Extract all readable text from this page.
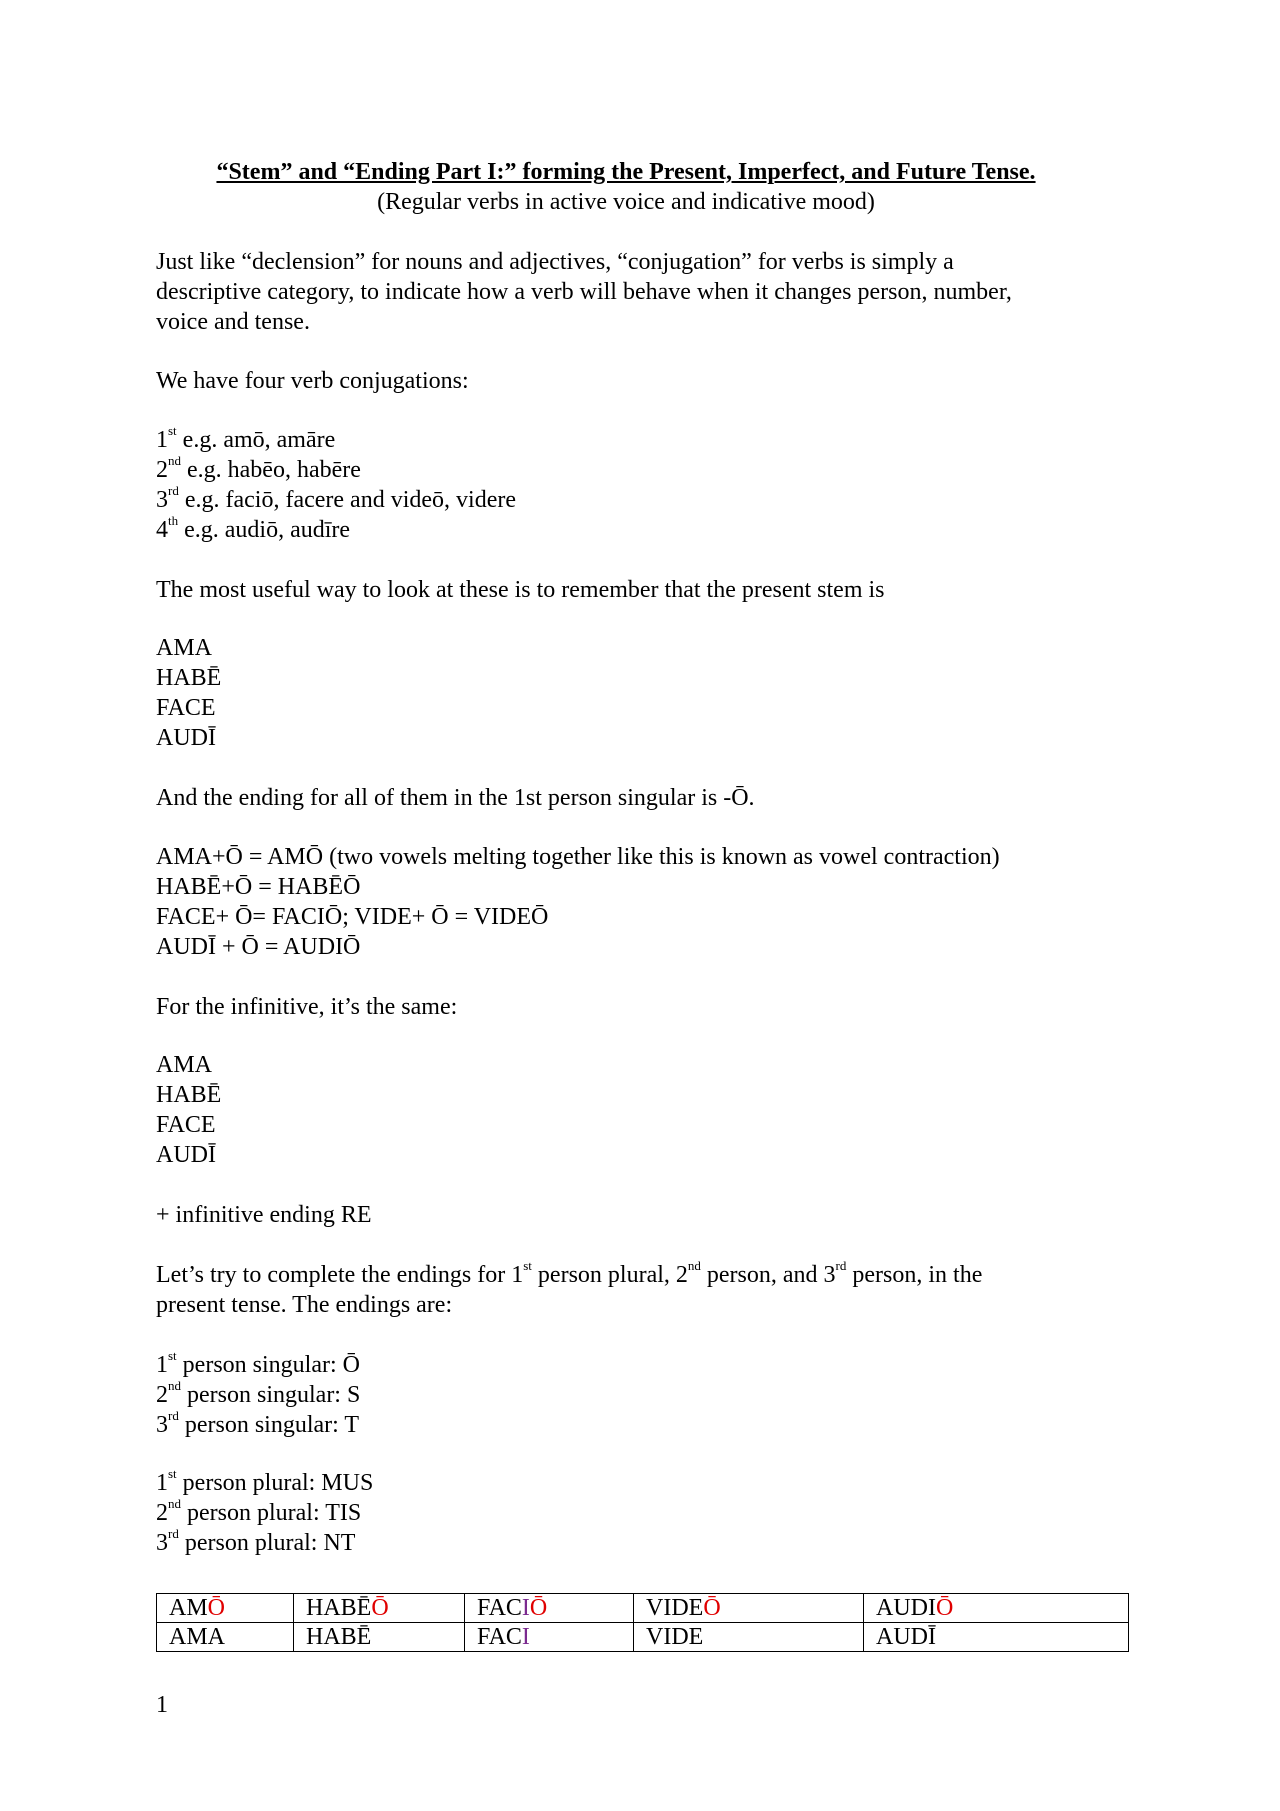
“Stem” and “Ending Part I:” forming the Present, Imperfect, and Future Tense.
(Regular verbs in active voice and indicative mood)
Just like “declension” for nouns and adjectives, “conjugation” for verbs is simply a
descriptive category, to indicate how a verb will behave when it changes person, number,
voice and tense.
We have four verb conjugations:
1st e.g. amō, amāre
2nd e.g. habēo, habēre
3rd e.g. faciō, facere and videō, videre
4th e.g. audiō, audīre
The most useful way to look at these is to remember that the present stem is
AMA
HABĒ
FACE
AUDĪ
And the ending for all of them in the 1st person singular is -Ō.
AMA+Ō = AMŌ (two vowels melting together like this is known as vowel contraction)
HABĒ+Ō = HABĒŌ
FACE+ Ō= FACIŌ; VIDE+ Ō = VIDEŌ
AUDĪ + Ō = AUDIŌ
For the infinitive, it’s the same:
AMA
HABĒ
FACE
AUDĪ
+ infinitive ending RE
Let’s try to complete the endings for 1st person plural, 2nd person, and 3rd person, in the
present tense. The endings are:
1st person singular: Ō
2nd person singular: S
3rd person singular: T
1st person plural: MUS
2nd person plural: TIS
3rd person plural: NT
AMŌ	HABĒŌ	FACIŌ	VIDEŌ	AUDIŌ
AMA	HABĒ	FACI	VIDE	AUDĪ
1
